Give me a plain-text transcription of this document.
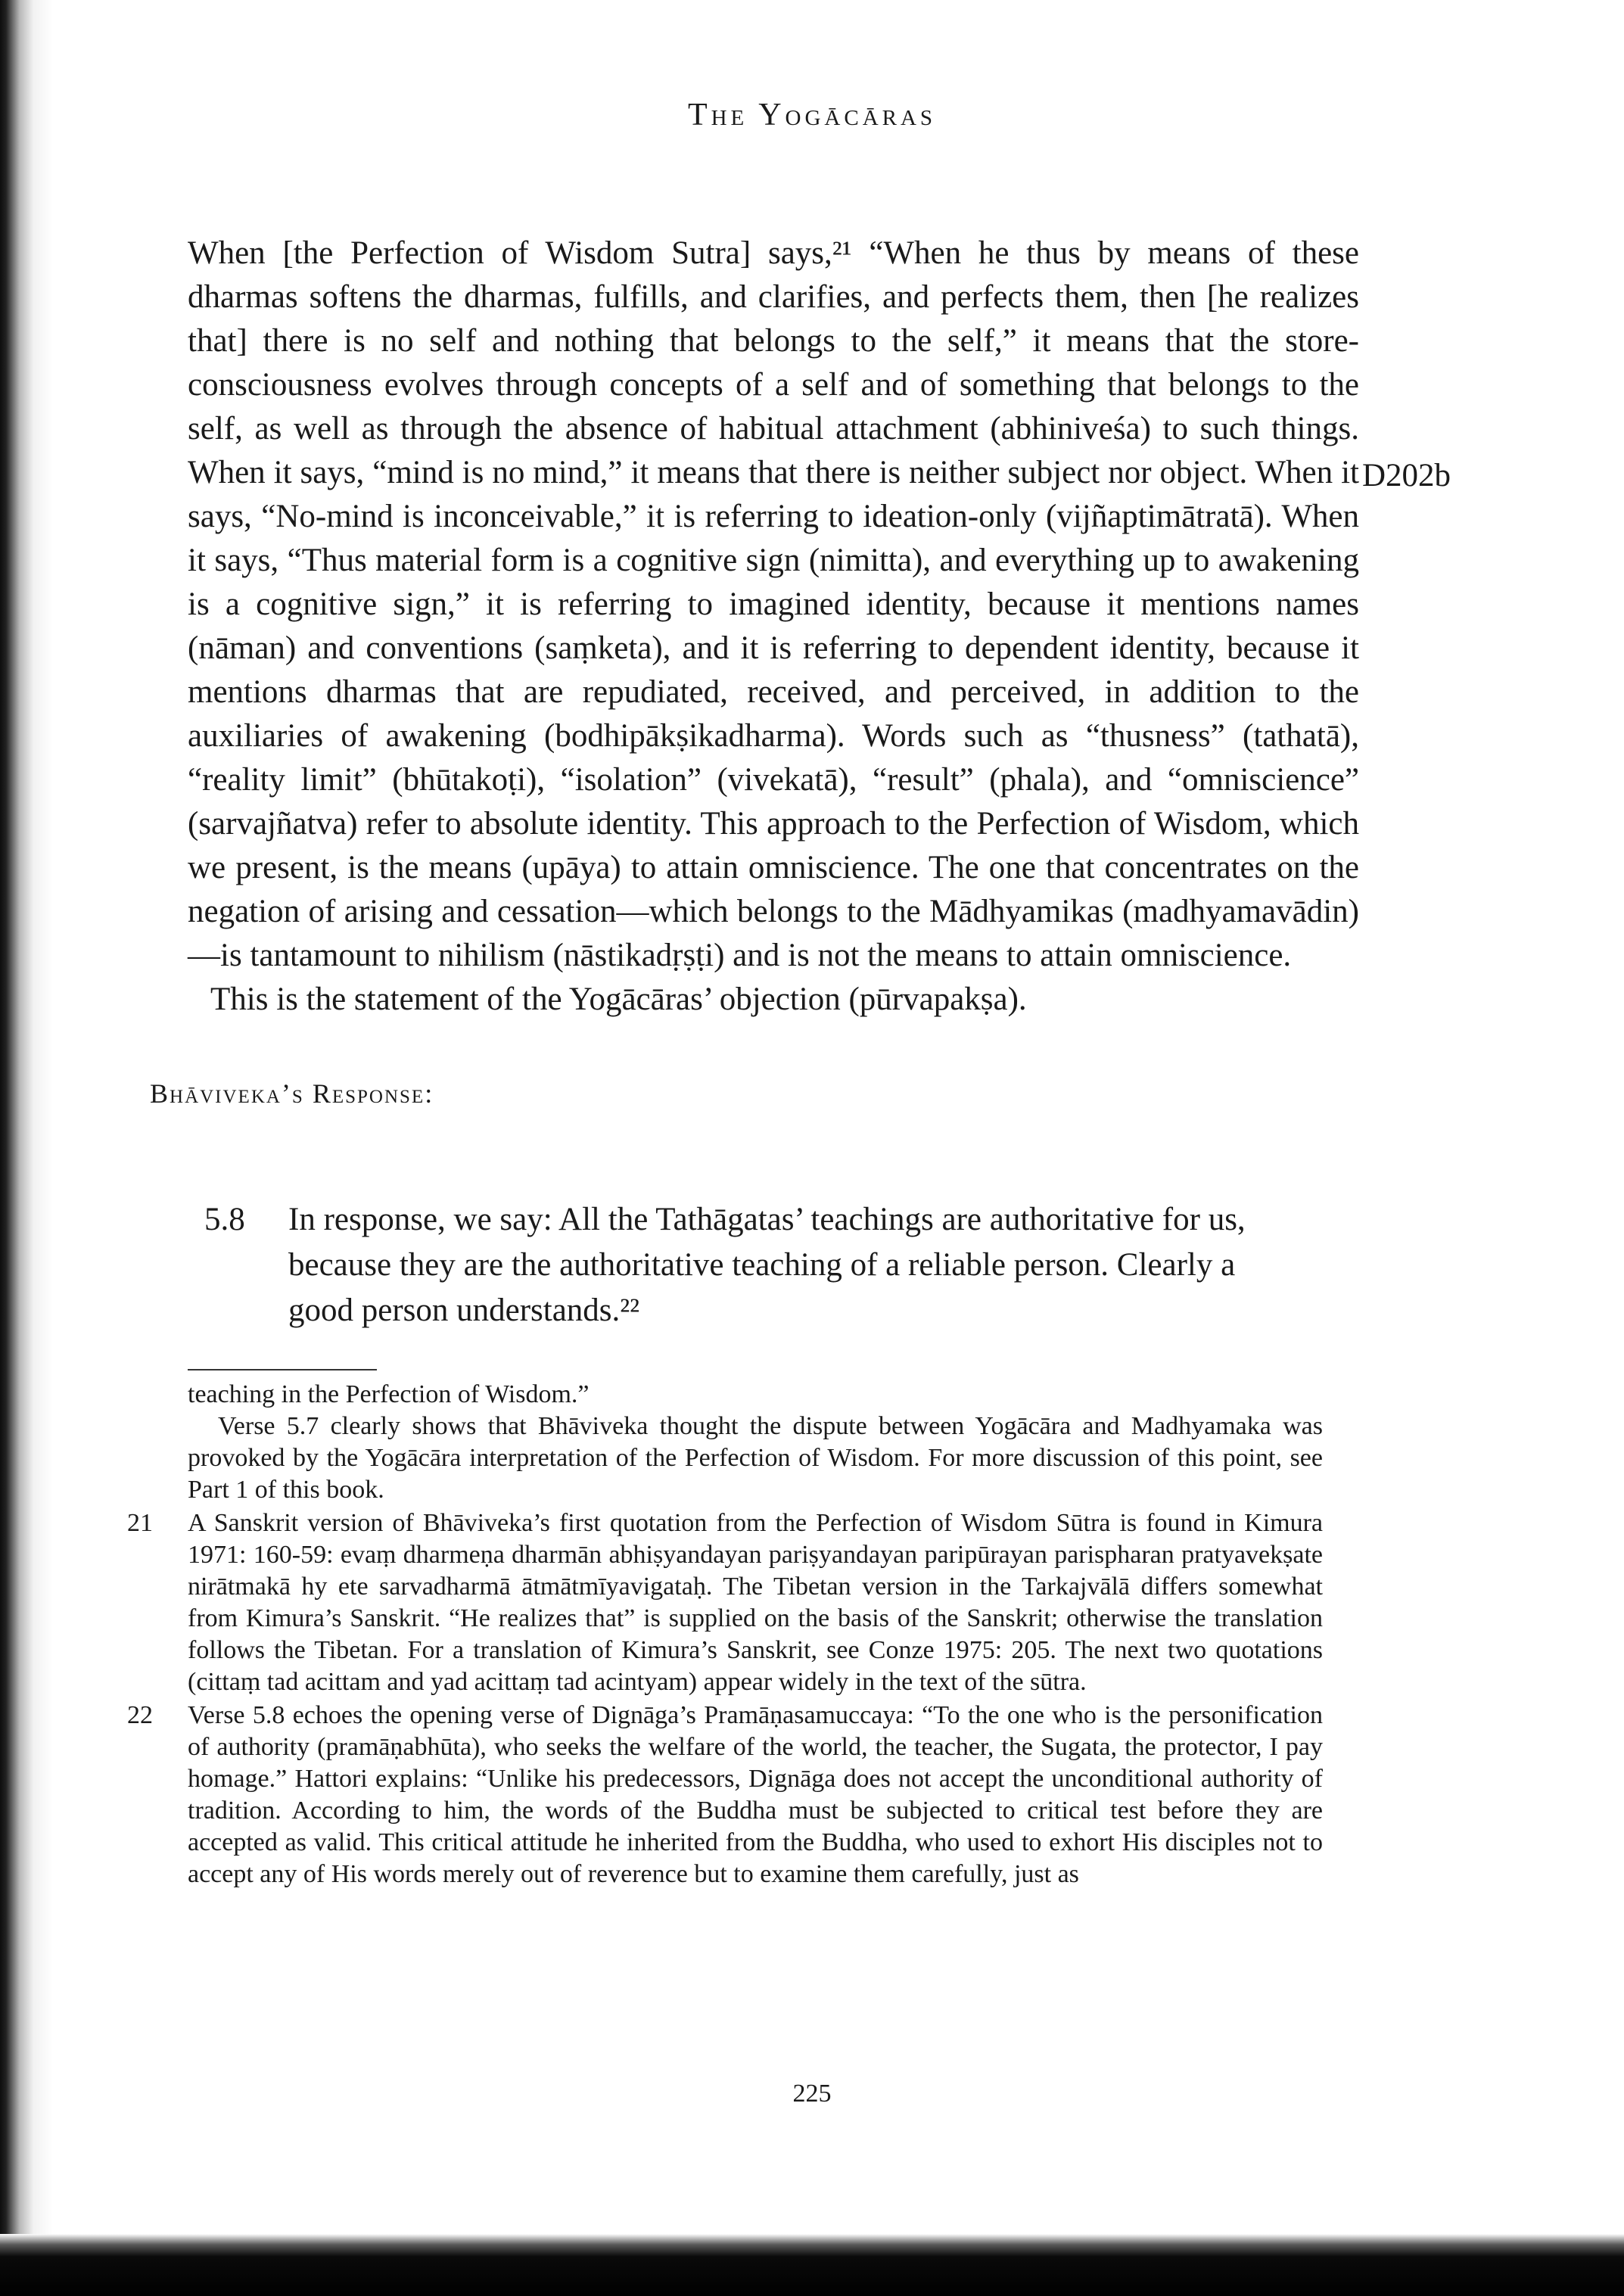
The Yogācāras

When [the Perfection of Wisdom Sutra] says,²¹ “When he thus by means of these dharmas softens the dharmas, fulfills, and clarifies, and perfects them, then [he realizes that] there is no self and nothing that belongs to the self,” it means that the store-consciousness evolves through concepts of a self and of something that belongs to the self, as well as through the absence of habitual attachment (abhiniveśa) to such things. When it says, “mind is no mind,” it means that there is neither subject nor object. When it says, “No-mind is inconceivable,” it is referring to ideation-only (vijñaptimātratā). When it says, “Thus material form is a cognitive sign (nimitta), and everything up to awakening is a cognitive sign,” it is referring to imagined identity, because it mentions names (nāman) and conventions (saṃketa), and it is referring to dependent identity, because it mentions dharmas that are repudiated, received, and perceived, in addition to the auxiliaries of awakening (bodhipākṣikadharma). Words such as “thusness” (tathatā), “reality limit” (bhūtakoṭi), “isolation” (vivekatā), “result” (phala), and “omniscience” (sarvajñatva) refer to absolute identity. This approach to the Perfection of Wisdom, which we present, is the means (upāya) to attain omniscience. The one that concentrates on the negation of arising and cessation—which belongs to the Mādhyamikas (madhyamavādin)—is tantamount to nihilism (nāstikadṛṣṭi) and is not the means to attain omniscience.

This is the statement of the Yogācāras’ objection (pūrvapakṣa).

D202b
Bhāviveka’s Response:
5.8 In response, we say: All the Tathāgatas’ teachings are authoritative for us, because they are the authoritative teaching of a reliable person. Clearly a good person understands.²²
teaching in the Perfection of Wisdom.”
Verse 5.7 clearly shows that Bhāviveka thought the dispute between Yogācāra and Madhyamaka was provoked by the Yogācāra interpretation of the Perfection of Wisdom. For more discussion of this point, see Part 1 of this book.
21 A Sanskrit version of Bhāviveka’s first quotation from the Perfection of Wisdom Sūtra is found in Kimura 1971: 160-59: evaṃ dharmeṇa dharmān abhiṣyandayan pariṣyandayan paripūrayan parispharan pratyavekṣate nirātmakā hy ete sarvadharmā ātmātmīyavigataḥ. The Tibetan version in the Tarkajvālā differs somewhat from Kimura’s Sanskrit. “He realizes that” is supplied on the basis of the Sanskrit; otherwise the translation follows the Tibetan. For a translation of Kimura’s Sanskrit, see Conze 1975: 205. The next two quotations (cittaṃ tad acittam and yad acittaṃ tad acintyam) appear widely in the text of the sūtra.
22 Verse 5.8 echoes the opening verse of Dignāga’s Pramāṇasamuccaya: “To the one who is the personification of authority (pramāṇabhūta), who seeks the welfare of the world, the teacher, the Sugata, the protector, I pay homage.” Hattori explains: “Unlike his predecessors, Dignāga does not accept the unconditional authority of tradition. According to him, the words of the Buddha must be subjected to critical test before they are accepted as valid. This critical attitude he inherited from the Buddha, who used to exhort His disciples not to accept any of His words merely out of reverence but to examine them carefully, just as
225
